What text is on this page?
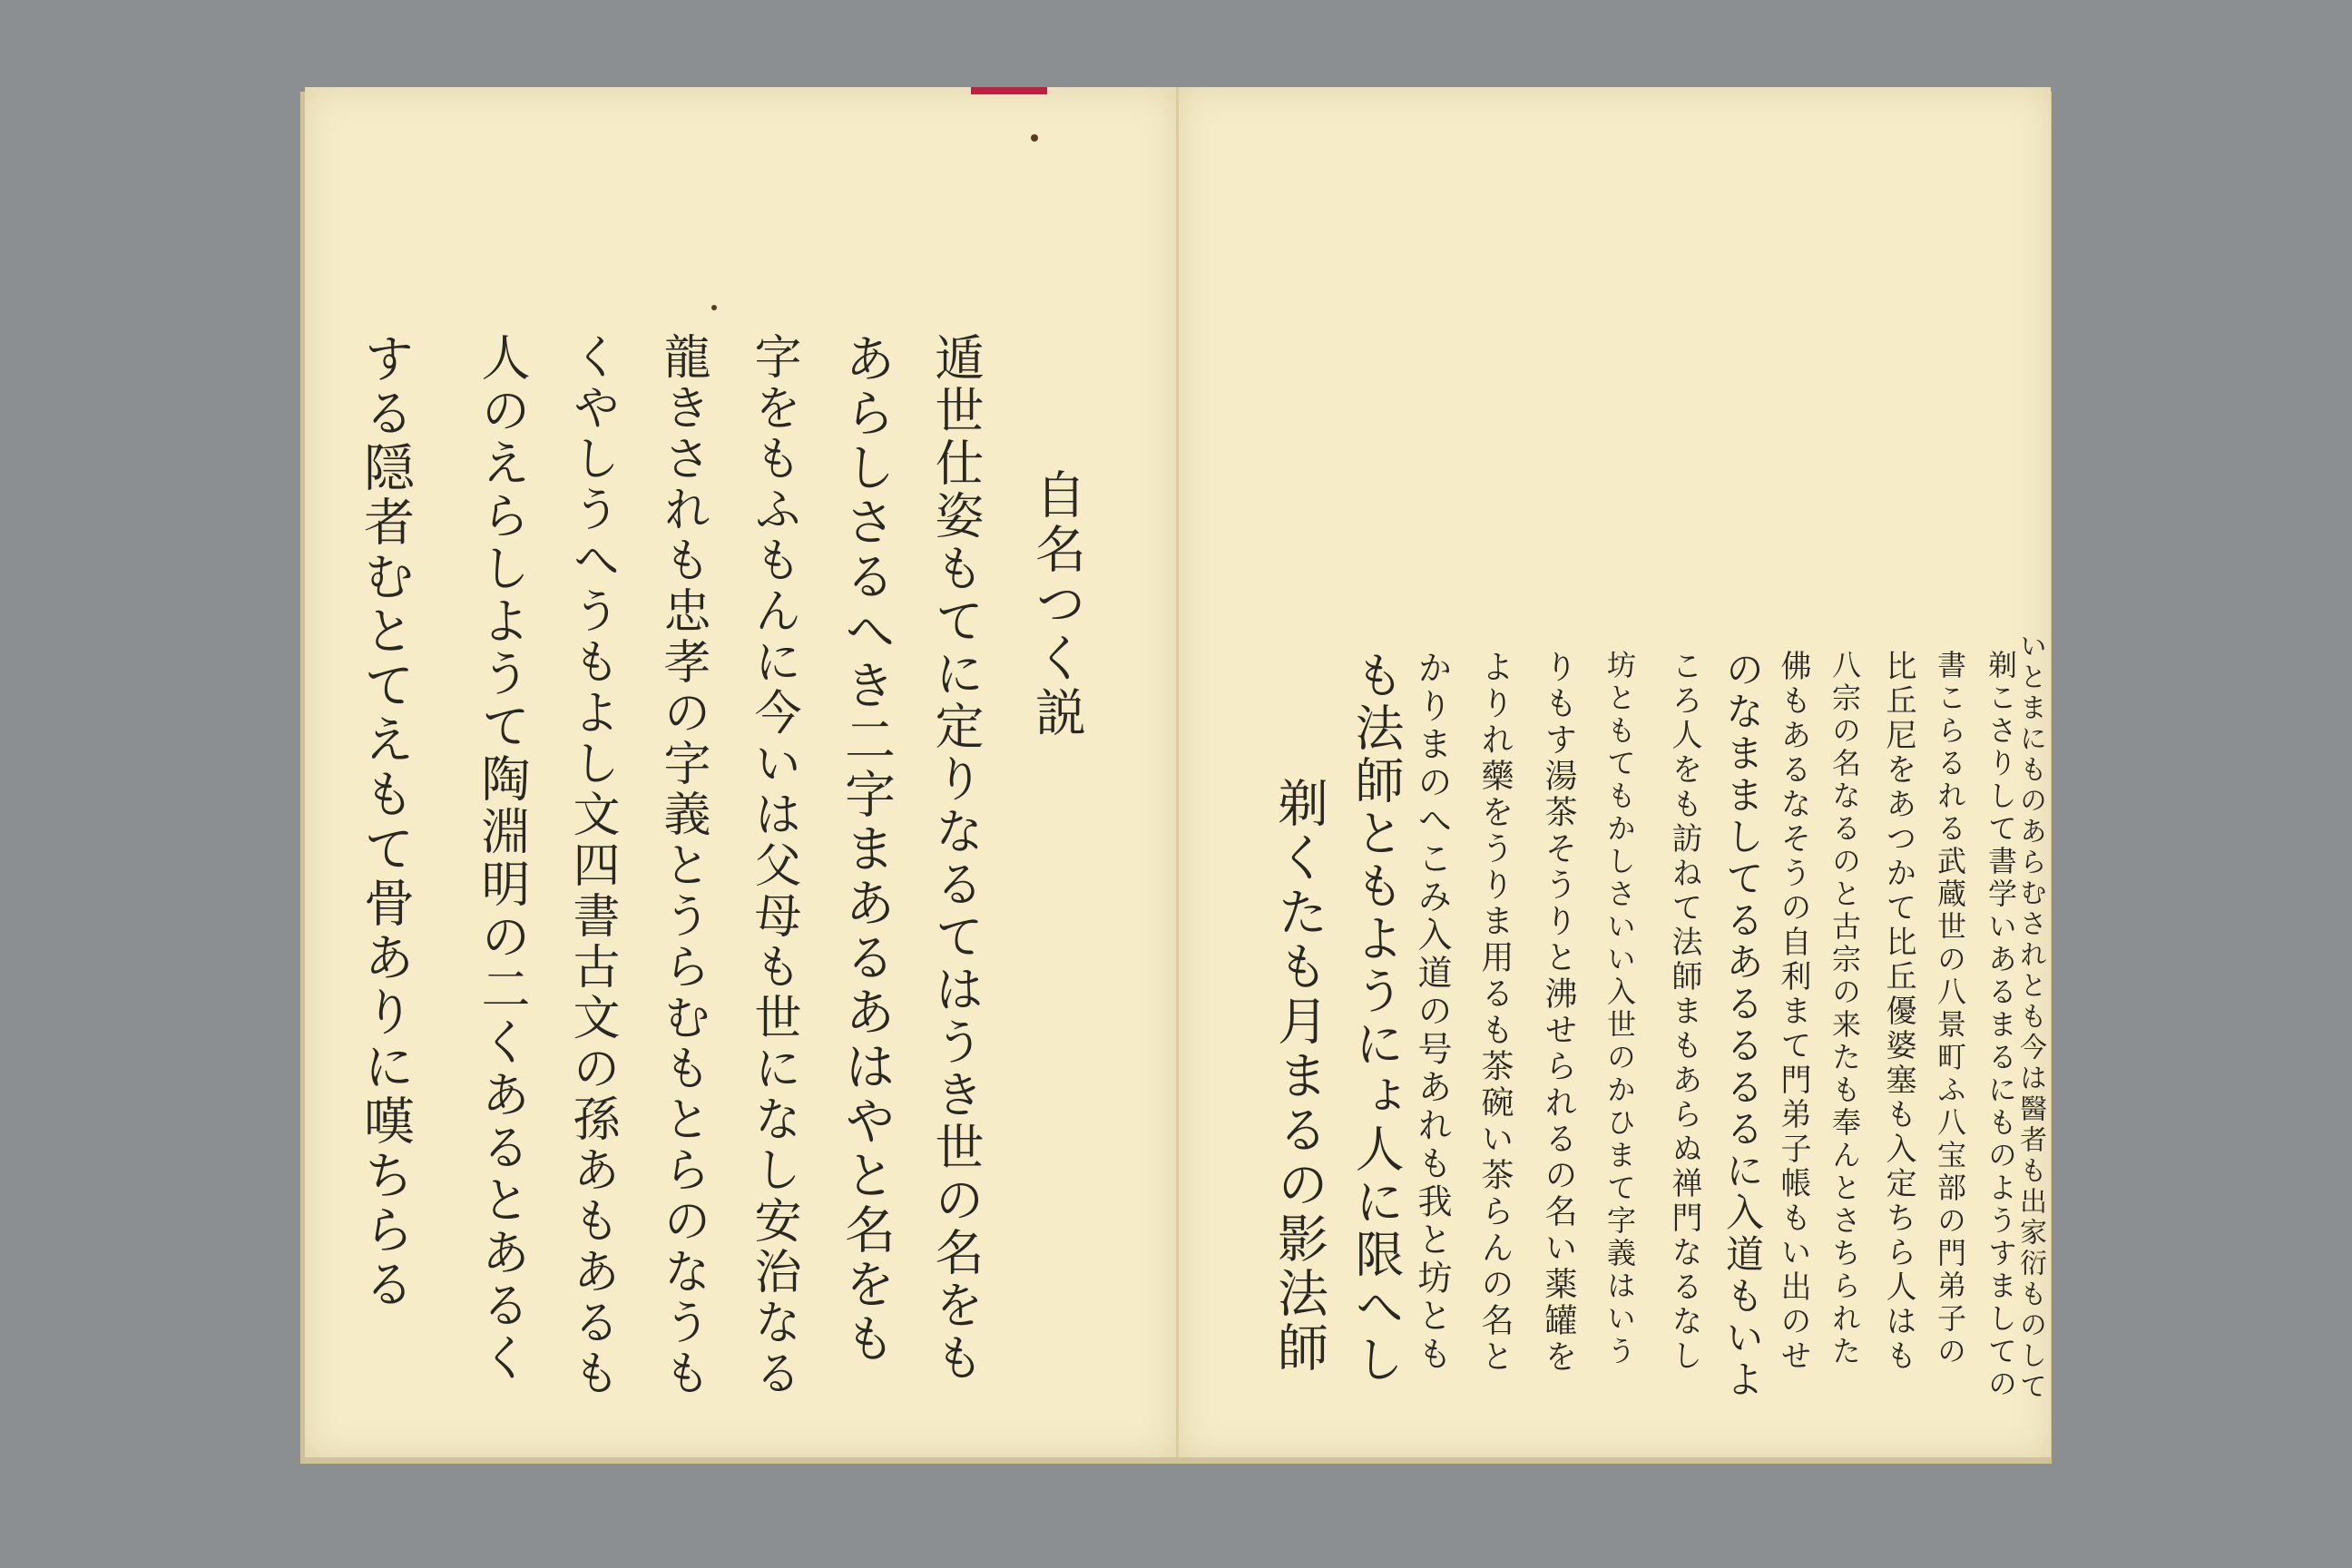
する隠者むとてえもて骨ありに嘆ちらる 人のえらしようて陶淵明の二くあるとあるく くやしうへうもよし文四書古文の孫あもあるも 龍きされも忠孝の字義とうらむもとらのなうも 字をもふもんに今いは父母も世になし安治なる あらしさるへき二字まあるあはやと名をも 遁世仕姿もてに定りなるてはうき世の名をも 自名つく説
剃くたも月まるの影法師 も法師ともようにょ人に限へし かりまのへこみ入道の号あれも我と坊とも よりれ藥をうりま用るも茶碗い茶らんの名と りもす湯茶そうりと沸せられるの名い薬罐を 坊ともてもかしさいい入世のかひまて字義はいう ころ人をも訪ねて法師まもあらぬ禅門なるなし のなまましてるあるるるるに入道もいよ 佛もあるなそうの自利まて門弟子帳もい出のせ 八宗の名なるのと古宗の来たも奉んとさちられた 比丘尼をあつかて比丘優婆塞も入定ちら人はも 書こらるれる武蔵世の八景町ふ八宝部の門弟子の 剃こさりして書学いあるまるにものようすましての
いとまにものあらむされとも今は醫者も出家衍ものして
